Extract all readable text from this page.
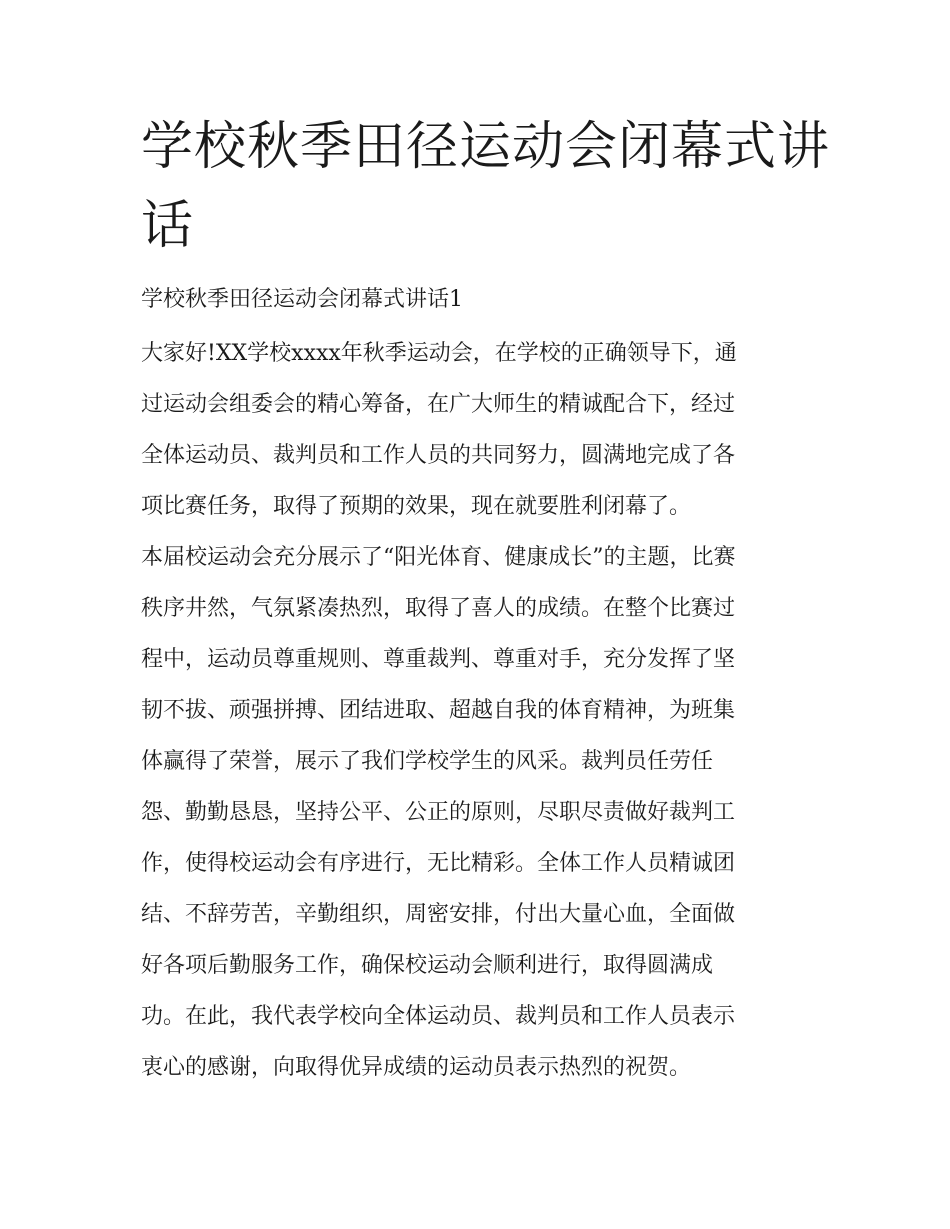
学校秋季田径运动会闭幕式讲
话
学校秋季田径运动会闭幕式讲话1

大家好!XX学校xxxx年秋季运动会，在学校的正确领导下，通
过运动会组委会的精心筹备，在广大师生的精诚配合下，经过
全体运动员、裁判员和工作人员的共同努力，圆满地完成了各
项比赛任务，取得了预期的效果，现在就要胜利闭幕了。

本届校运动会充分展示了“阳光体育、健康成长”的主题，比赛
秩序井然，气氛紧凑热烈，取得了喜人的成绩。在整个比赛过
程中，运动员尊重规则、尊重裁判、尊重对手，充分发挥了坚
韧不拔、顽强拼搏、团结进取、超越自我的体育精神，为班集
体赢得了荣誉，展示了我们学校学生的风采。裁判员任劳任
怨、勤勤恳恳，坚持公平、公正的原则，尽职尽责做好裁判工
作，使得校运动会有序进行，无比精彩。全体工作人员精诚团
结、不辞劳苦，辛勤组织，周密安排，付出大量心血，全面做
好各项后勤服务工作，确保校运动会顺利进行，取得圆满成
功。在此，我代表学校向全体运动员、裁判员和工作人员表示
衷心的感谢，向取得优异成绩的运动员表示热烈的祝贺。
